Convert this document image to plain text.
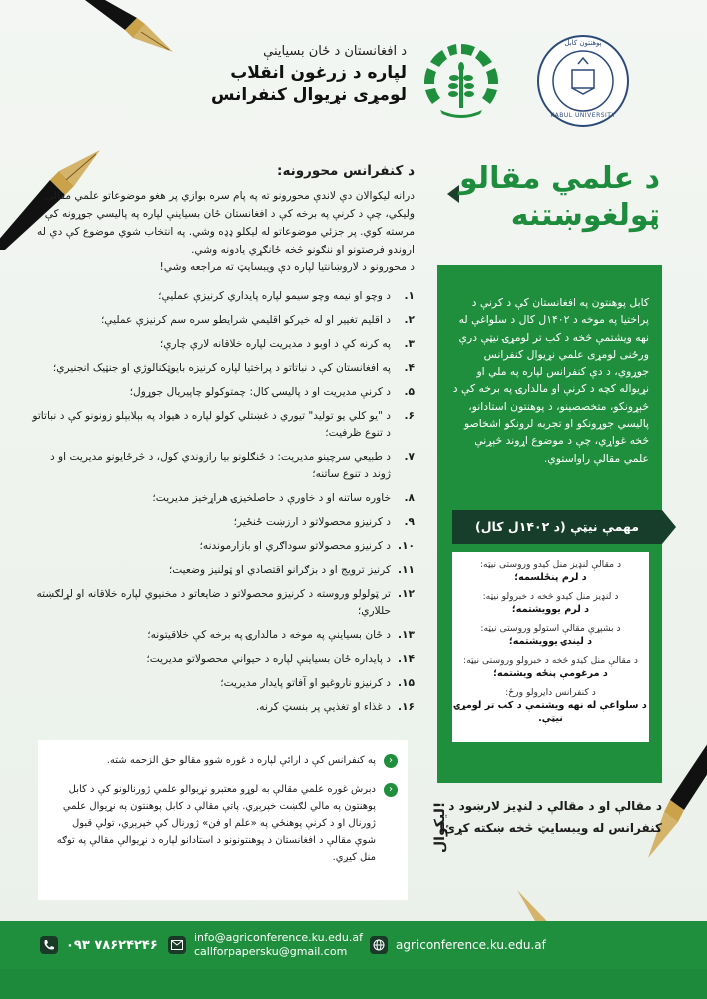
د افغانستان د ځان بسیاینې
لپاره د زرغون انقلاب
لومړی نړیوال کنفرانس
پوهنتون کابل
KABUL UNIVERSITY
د علمي مقالو
ټولغوښتنه
د کنفرانس محورونه:
درانه لیکوالان دې لاندې محورونو ته په پام سره بوازي پر هغو موضوعاتو علمي مقالې ولیکي، چې د کرنې په برخه کې د افغانستان ځان بسیاینې لپاره په پالیسي جوړونه کې مرسته کوي. پر جزئي موضوعاتو له لیکلو ډډه وشي. په انتخاب شوي موضوع کې دې له اروندو فرصتونو او ننګونو څخه ځانګړي یادونه وشي.
د محورونو د لاروښانتیا لپاره دې ویبسایټ ته مراجعه وشي!
۱.
د وچو او نیمه وچو سیمو لپاره پایداري کرنیزې عملیې؛
۲.
د اقلیم تغییر او له خیرکو اقلیمي شرایطو سره سم کرنیزې عملیې؛
۳.
په کرنه کې د اوبو د مدیریت لپاره خلاقانه لارې چارې؛
۴.
په افغانستان کې د نباتاتو د پراختیا لپاره کرنیزه بایوټکنالوژي او جنټیک انجنیري؛
۵.
د کرنې مدیریت او د پالیسۍ کال: چمتوکولو چاپیریال جوړول؛
۶.
د "یو کلي یو تولید" تیوري د غښتلي کولو لپاره د هیواد په بېلابېلو زونونو کې د نباتاتو د تنوع ظرفیت؛
۷.
د طبیعي سرچینو مدیریت: د ځنګلونو بیا رازوندي کول، د څرځایونو مدیریت او د ژوند د تنوع ساتنه؛
۸.
خاوره ساتنه او د خاورې د حاصلخیزۍ هراړخیز مدیریت؛
۹.
د کرنیزو محصولاتو د ارزښت ځنځیر؛
۱۰.
د کرنیزو محصولاتو سوداګري او بازارموندنه؛
۱۱.
کرنیز ترویج او د بزګرانو اقتصادي او ټولنیز وضعیت؛
۱۲.
تر ټولولو وروسته د کرنیزو محصولاتو د ضایعاتو د مخنیوي لپاره خلاقانه او لړلګښته حللاري؛
۱۳.
د ځان بسیاینې په موخه د مالدارۍ په برخه کې خلاقیتونه؛
۱۴.
د پایداره ځان بسیاینې لپاره د حیواني محصولاتو مدیریت؛
۱۵.
د کرنیزو ناروغیو او آفاتو پایدار مدیریت؛
۱۶.
د غذاء او تغذیې پر بنسټ کرنه.
کابل پوهنتون په افغانستان کې د کرنې د پراختیا په موخه د ۱۴۰۲ل کال د سلواغې له نهه ویشتمې څخه د کب تر لومړۍ نیټې درې ورځنی لومړی علمي نړیوال کنفرانس جوړوي، د دې کنفرانس لپاره په ملي او نړیواله کچه د کرنې او مالدارۍ په برخه کې د څېړونکو، متخصصینو، د پوهنتون استادانو، پالیسي جوړونکو او تجربه لرونکو اشخاصو څخه غواړي، چې د موضوع اړوند څېړنې علمي مقالې راواستوي.
مهمې نیټې (د ۱۴۰۲ل کال)
د مقالې لنډیز منل کیدو وروستی نیټه:
د لرم پنځلسمه؛
د لنډیز منل کیدو څخه د خبرولو نیټه:
د لرم یوویشتمه؛
د بشپړې مقالې استولو وروستی نیټه:
د لیندۍ یوویشتمه؛
د مقالې منل کیدو څخه د خبرولو وروستی نیټه:
د مرغومې پنځه ویشتمه؛
د کنفرانس دایرولو ورځ:
د سلواغې له نهه ویشتمې د کب تر لومړۍ نیټې.
د مقالې او د مقالې د لنډیز لارښود د کنفرانس له ویبسایټ څخه ښکته کړئ!
لیکوال!
‹
په کنفرانس کې د ارائې لپاره د غوره شوو مقالو حق الزحمه شته.
‹
دبرش غوره علمي مقالې به لوړو معتبرو نړیوالو علمي ژورنالونو کې د کابل پوهنتون په مالي لګښت خپرېږي. پاتې مقالې د کابل پوهنتون په نړیوال علمي ژورنال او د کرنې پوهنځي په «علم او فن» ژورنال کې خپرېږي، تولې قبول شوې مقالې د افغانستان د پوهنتونونو د استادانو لپاره د نړیوالې مقالې په توګه منل کیږي.
agriconference.ku.edu.af
info@agriconference.ku.edu.af
callforpapersku@gmail.com
۰۹۳ ۷۸۶۲۴۲۴۶
